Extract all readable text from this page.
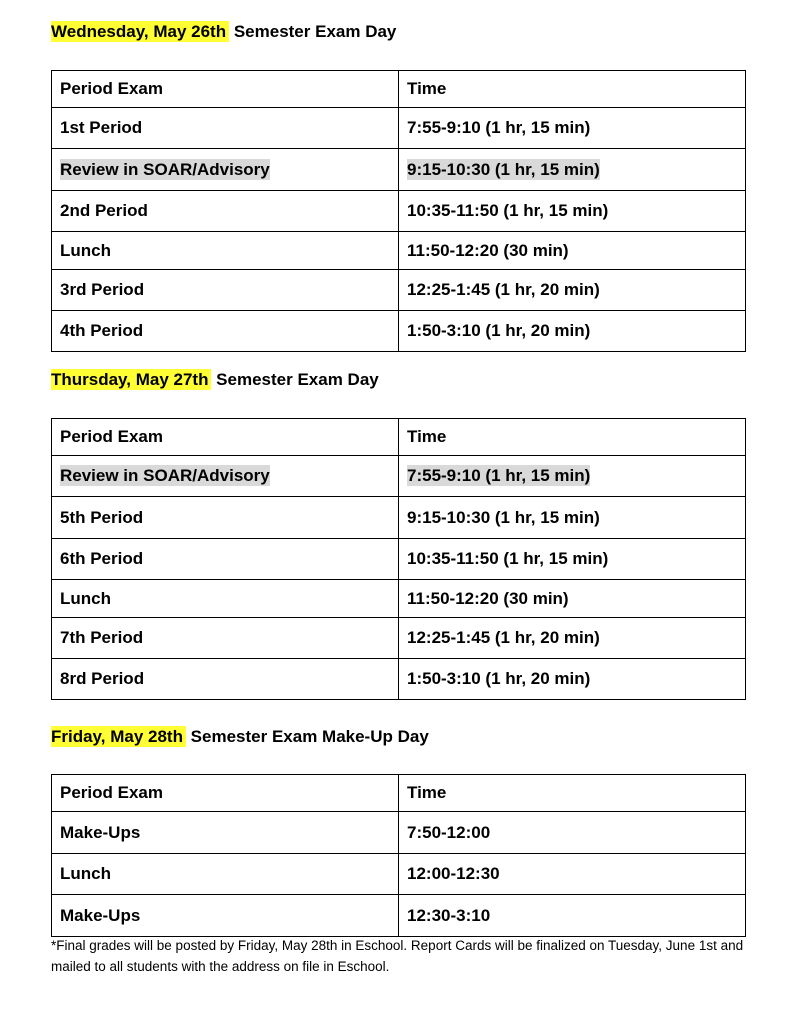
Wednesday, May 26th Semester Exam Day
Period Exam	Time
1st Period	7:55-9:10 (1 hr, 15 min)
Review in SOAR/Advisory	9:15-10:30 (1 hr, 15 min)
2nd Period	10:35-11:50 (1 hr, 15 min)
Lunch	11:50-12:20 (30 min)
3rd Period	12:25-1:45 (1 hr, 20 min)
4th Period	1:50-3:10 (1 hr, 20 min)
Thursday, May 27th Semester Exam Day
Period Exam	Time
Review in SOAR/Advisory	7:55-9:10 (1 hr, 15 min)
5th Period	9:15-10:30 (1 hr, 15 min)
6th Period	10:35-11:50 (1 hr, 15 min)
Lunch	11:50-12:20 (30 min)
7th Period	12:25-1:45 (1 hr, 20 min)
8rd Period	1:50-3:10 (1 hr, 20 min)
Friday, May 28th Semester Exam Make-Up Day
Period Exam	Time
Make-Ups	7:50-12:00
Lunch	12:00-12:30
Make-Ups	12:30-3:10
*Final grades will be posted by Friday, May 28th in Eschool. Report Cards will be finalized on Tuesday, June 1st and mailed to all students with the address on file in Eschool.
